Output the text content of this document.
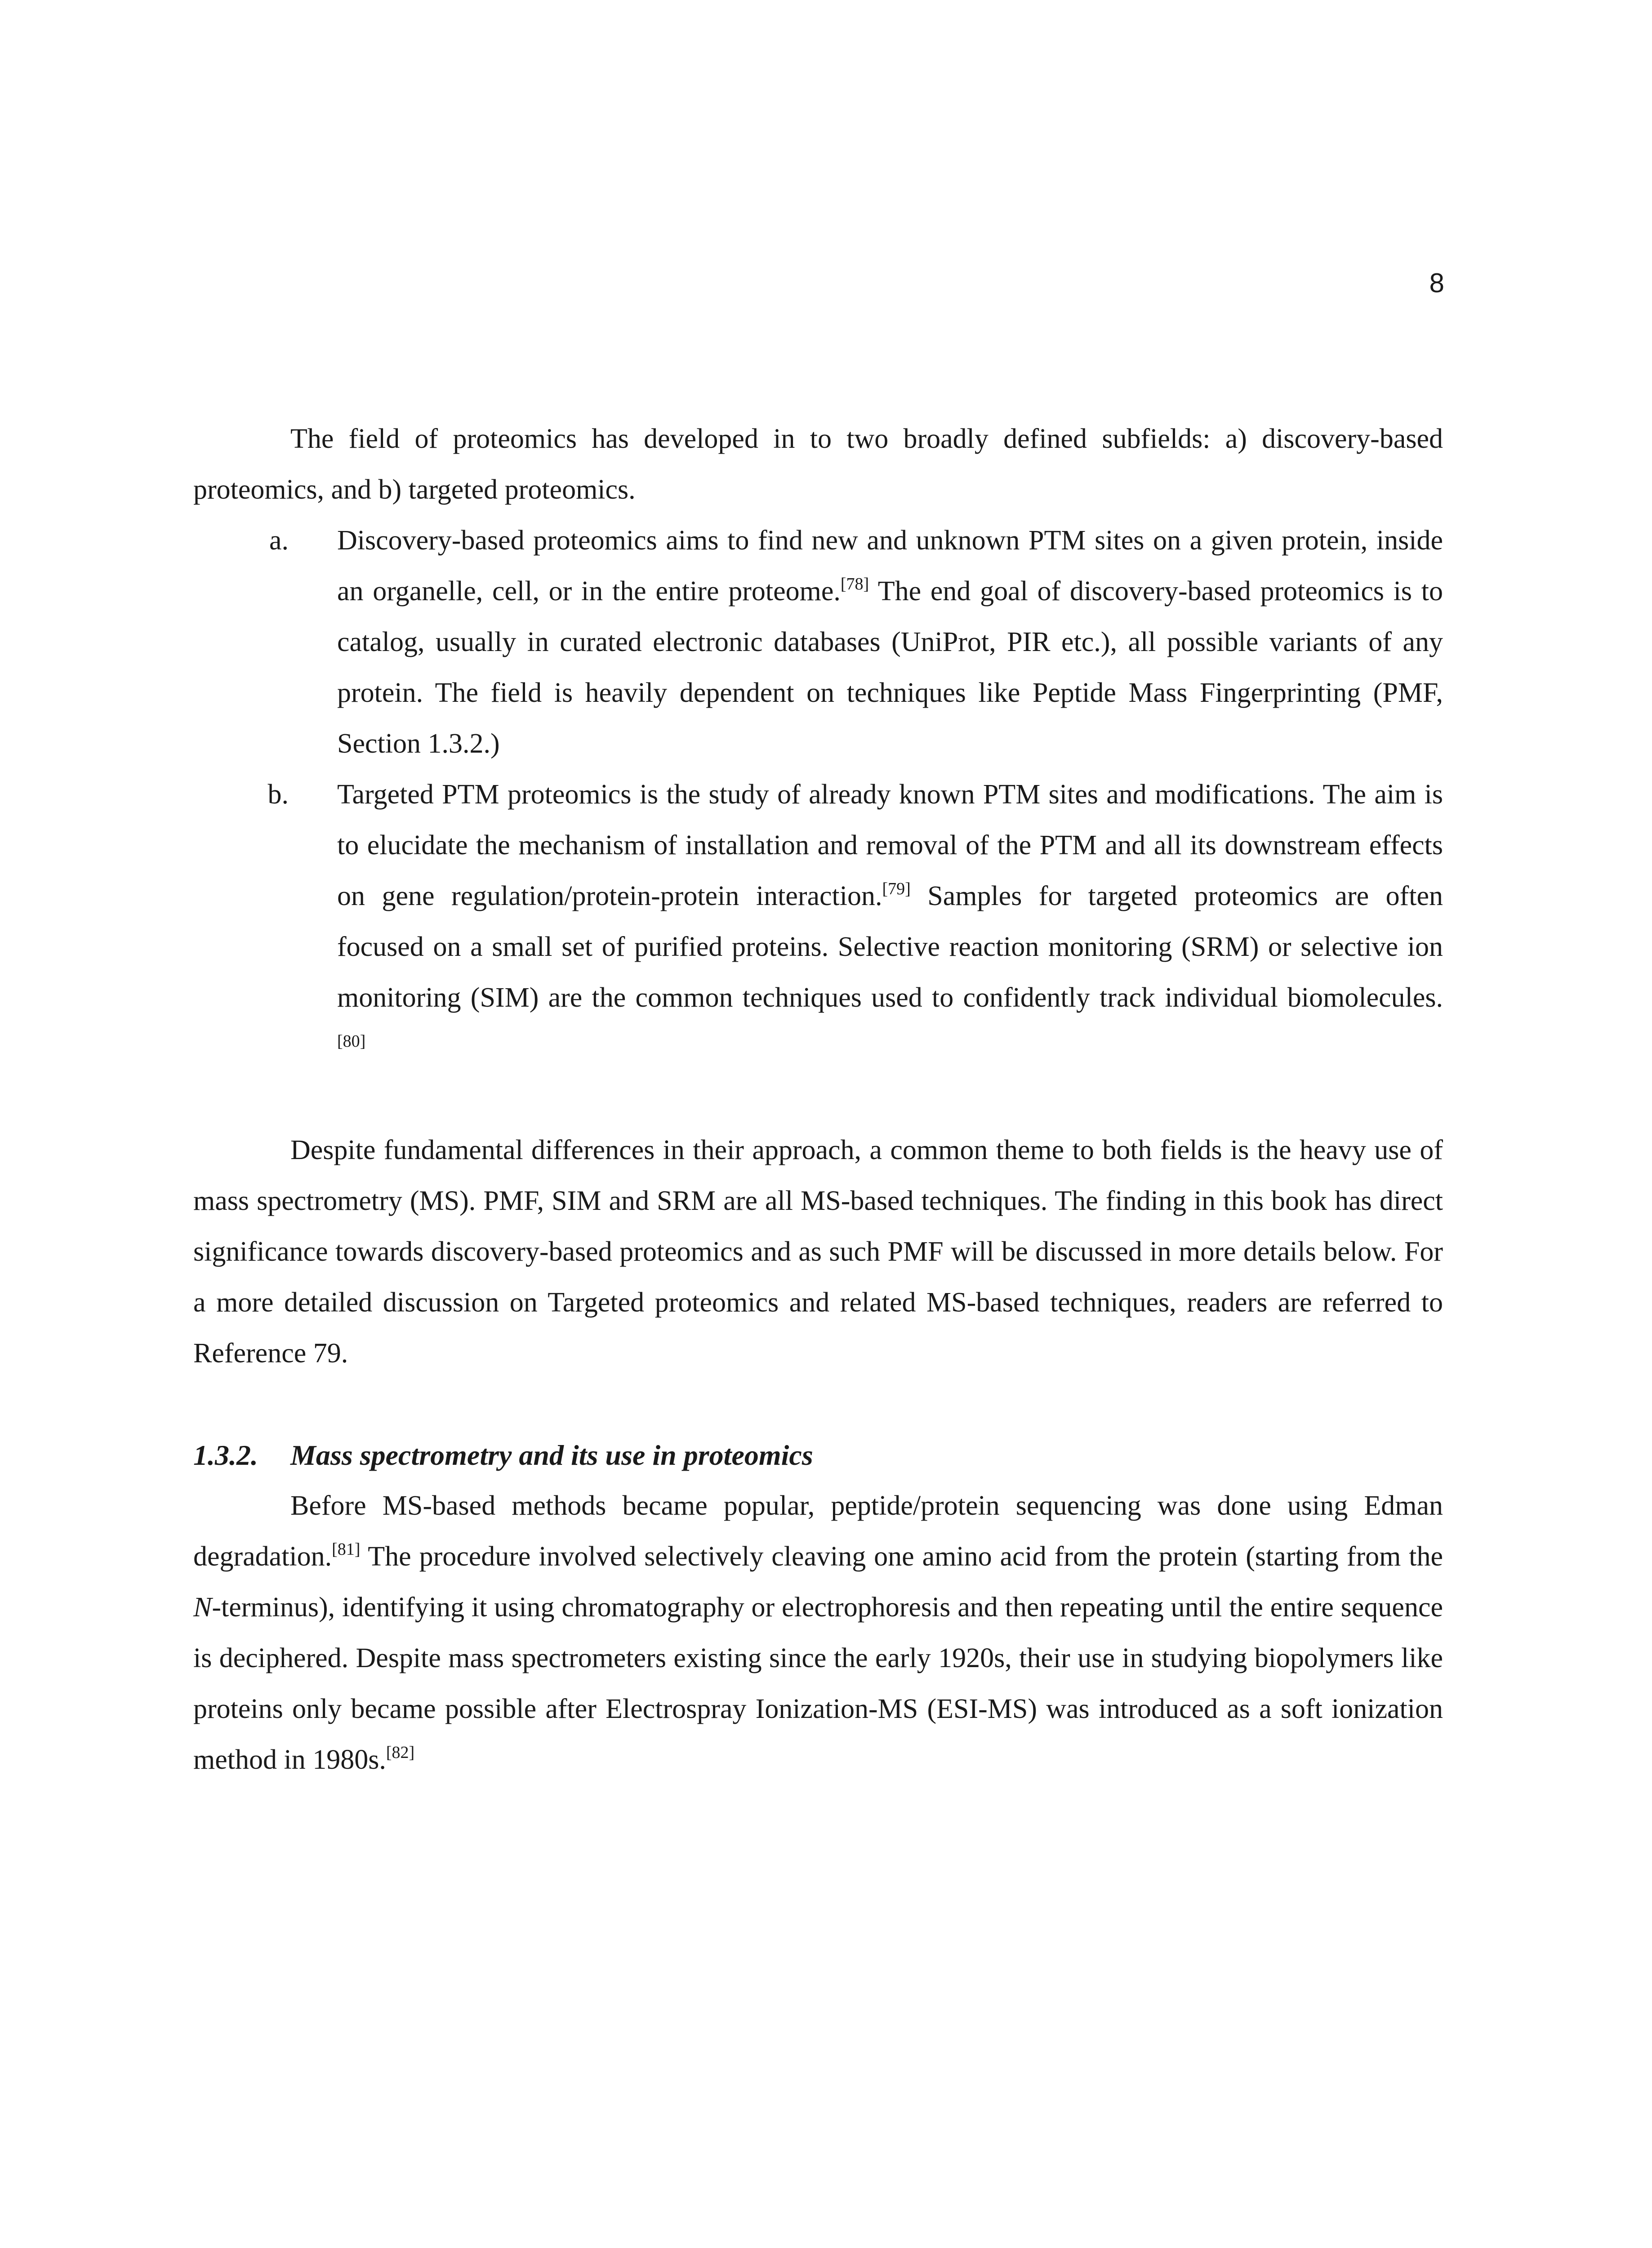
8

The field of proteomics has developed in to two broadly defined subfields: a) discovery-based proteomics, and b) targeted proteomics.

a.	Discovery-based proteomics aims to find new and unknown PTM sites on a given protein, inside an organelle, cell, or in the entire proteome.[78] The end goal of discovery-based proteomics is to catalog, usually in curated electronic databases (UniProt, PIR etc.), all possible variants of any protein. The field is heavily dependent on techniques like Peptide Mass Fingerprinting (PMF, Section 1.3.2.)
b.	Targeted PTM proteomics is the study of already known PTM sites and modifications. The aim is to elucidate the mechanism of installation and removal of the PTM and all its downstream effects on gene regulation/protein-protein interaction.[79] Samples for targeted proteomics are often focused on a small set of purified proteins. Selective reaction monitoring (SRM) or selective ion monitoring (SIM) are the common techniques used to confidently track individual biomolecules.[80]

Despite fundamental differences in their approach, a common theme to both fields is the heavy use of mass spectrometry (MS). PMF, SIM and SRM are all MS-based techniques. The finding in this book has direct significance towards discovery-based proteomics and as such PMF will be discussed in more details below. For a more detailed discussion on Targeted proteomics and related MS-based techniques, readers are referred to Reference 79.

1.3.2.	Mass spectrometry and its use in proteomics

Before MS-based methods became popular, peptide/protein sequencing was done using Edman degradation.[81] The procedure involved selectively cleaving one amino acid from the protein (starting from the N-terminus), identifying it using chromatography or electrophoresis and then repeating until the entire sequence is deciphered. Despite mass spectrometers existing since the early 1920s, their use in studying biopolymers like proteins only became possible after Electrospray Ionization-MS (ESI-MS) was introduced as a soft ionization method in 1980s.[82]
